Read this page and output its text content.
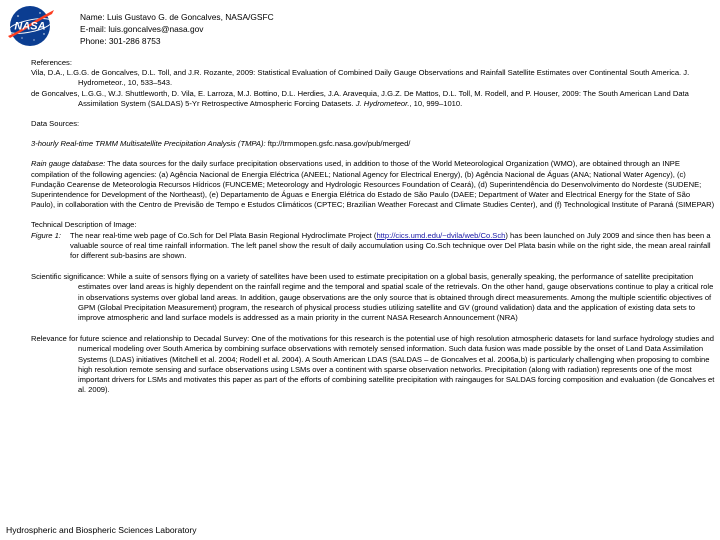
NASA
Name: Luis Gustavo G. de Goncalves, NASA/GSFC
E-mail: luis.goncalves@nasa.gov
Phone: 301-286 8753

References:

Vila, D.A., L.G.G. de Goncalves, D.L. Toll, and J.R. Rozante, 2009: Statistical Evaluation of Combined Daily Gauge Observations and Rainfall Satellite Estimates over Continental South America. J. Hydrometeor., 10, 533–543.

de Goncalves, L.G.G., W.J. Shuttleworth, D. Vila, E. Larroza, M.J. Bottino, D.L. Herdies, J.A. Aravequia, J.G.Z. De Mattos, D.L. Toll, M. Rodell, and P. Houser, 2009: The South American Land Data Assimilation System (SALDAS) 5-Yr Retrospective Atmospheric Forcing Datasets. J. Hydrometeor., 10, 999–1010.

Data Sources:

3-hourly Real-time TRMM Multisatellite Precipitation Analysis (TMPA): ftp://trmmopen.gsfc.nasa.gov/pub/merged/

Rain gauge database: The data sources for the daily surface precipitation observations used, in addition to those of the World Meteorological Organization (WMO), are obtained through an INPE compilation of the following agencies: (a) Agência Nacional de Energia Eléctrica (ANEEL; National Agency for Electrical Energy), (b) Agência Nacional de Águas (ANA; National Water Agency), (c) Fundação Cearense de Meteorologia Recursos Hídricos (FUNCEME; Meteorology and Hydrologic Resources Foundation of Ceará), (d) Superintendência do Desenvolvimento do Nordeste (SUDENE; Superintendence for Development of the Northeast), (e) Departamento de Águas e Energia Elétrica do Estado de São Paulo (DAEE; Department of Water and Electrical Energy for the State of São Paulo), in collaboration with the Centro de Previsão de Tempo e Estudos Climáticos (CPTEC; Brazilian Weather Forecast and Climate Studies Center), and (f) Technological Institute of Paraná (SIMEPAR)

Technical Description of Image:

Figure 1:	The near real-time web page of Co.Sch for Del Plata Basin Regional Hydroclimate Project (http://cics.umd.edu/~dvila/web/Co.Sch) has been launched on July 2009 and since then has been a valuable source of real time rainfall information. The left panel show the result of daily accumulation using Co.Sch technique over Del Plata basin while on the right side, the mean areal rainfall for different sub-basins are shown.

Scientific significance: While a suite of sensors flying on a variety of satellites have been used to estimate precipitation on a global basis, generally speaking, the performance of satellite precipitation estimates over land areas is highly dependent on the rainfall regime and the temporal and spatial scale of the retrievals. On the other hand, gauge observations continue to play a critical role in observations systems over global land areas. In addition, gauge observations are the only source that is obtained through direct measurements. Among the multiple scientific objectives of GPM (Global Precipitation Measurement) program, the research of physical process studies utilizing satellite and GV (ground validation) data and the application of existing data sets to improve atmospheric and land surface models is addressed as a main priority in the current NASA Research Announcement (NRA)

Relevance for future science and relationship to Decadal Survey: One of the motivations for this research is the potential use of high resolution atmospheric datasets for land surface hydrology studies and numerical modeling over South America by combining surface observations with remotely sensed information. Such data fusion was made possible by the onset of Land Data Assimilation Systems (LDAS) initiatives (Mitchell et al. 2004; Rodell et al. 2004). A South American LDAS (SALDAS – de Goncalves et al. 2006a,b) is particularly challenging when proposing to combine high resolution remote sensing and surface observations using LSMs over a continent with sparse observation networks. Precipitation (along with radiation) represents one of the most important drivers for LSMs and motivates this paper as part of the efforts of combining satellite precipitation with raingauges for SALDAS forcing composition and evaluation (de Goncalves et al. 2009).

Hydrospheric and Biospheric Sciences Laboratory
